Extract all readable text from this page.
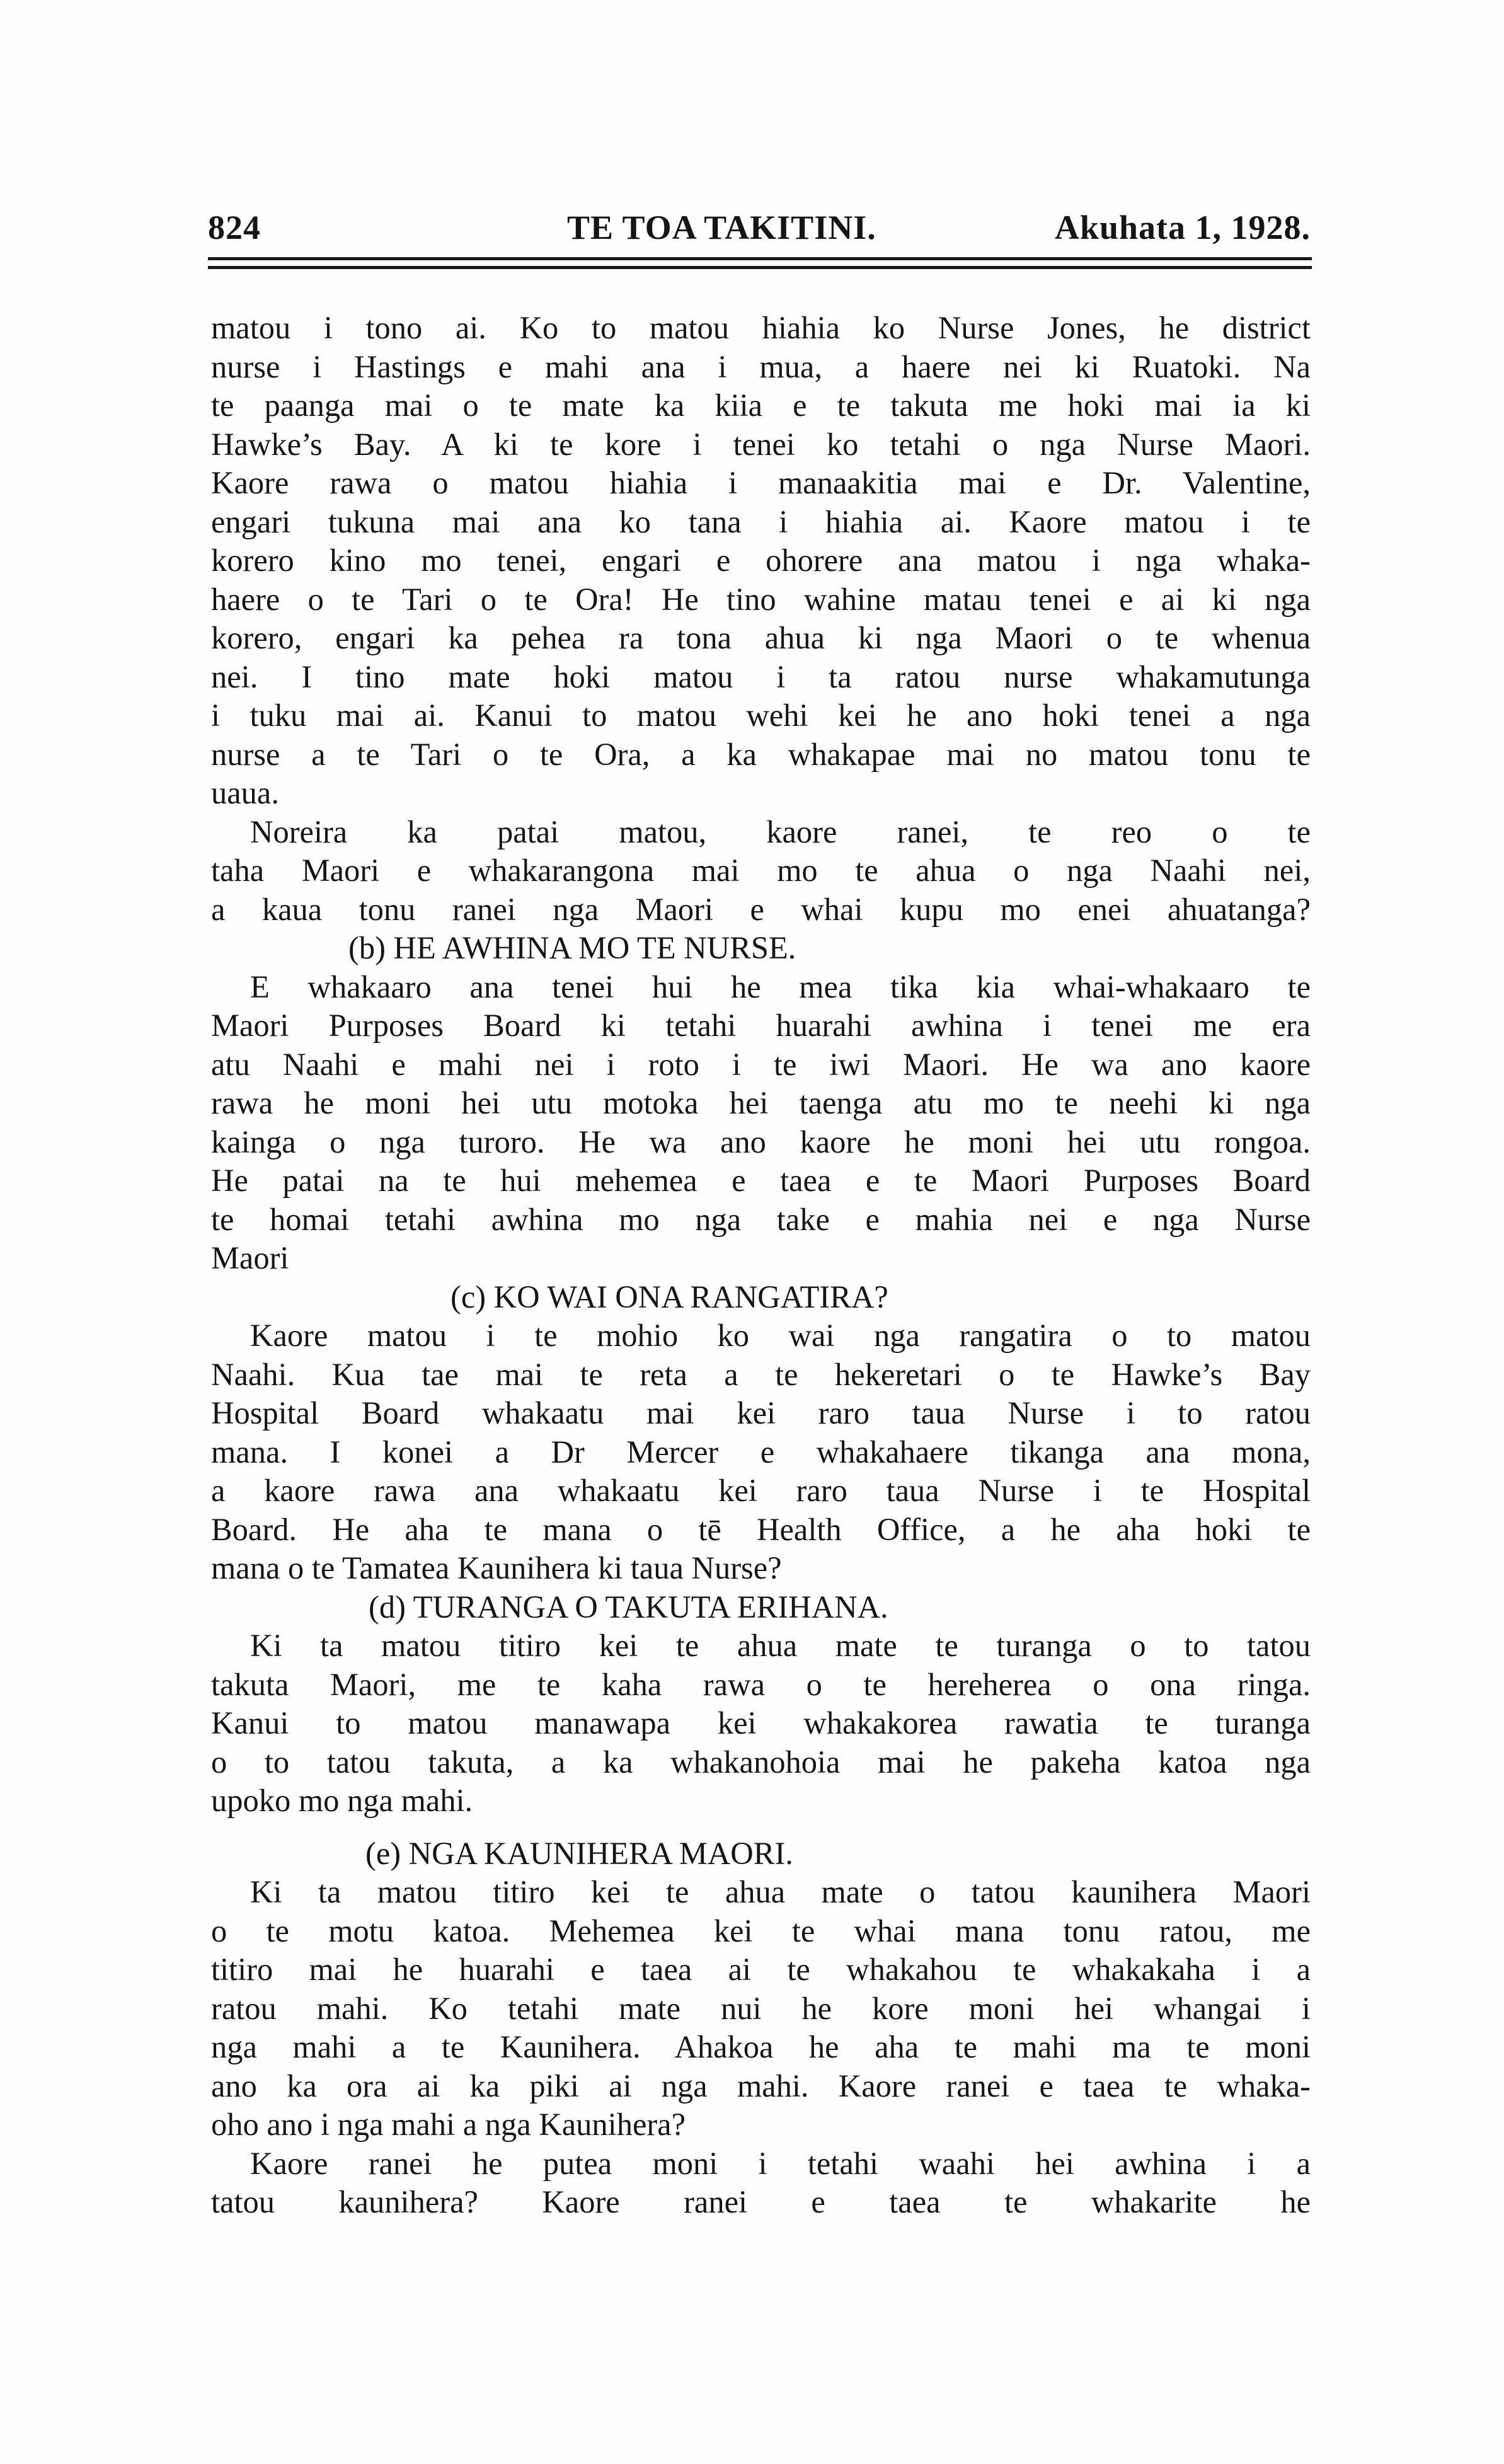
824	TE TOA TAKITINI.	Akuhata 1, 1928.
matou i tono ai. Ko to matou hiahia ko Nurse Jones, he district
nurse i Hastings e mahi ana i mua, a haere nei ki Ruatoki. Na
te paanga mai o te mate ka kiia e te takuta me hoki mai ia ki
Hawke’s Bay. A ki te kore i tenei ko tetahi o nga Nurse Maori.
Kaore rawa o matou hiahia i manaakitia mai e Dr. Valentine,
engari tukuna mai ana ko tana i hiahia ai. Kaore matou i te
korero kino mo tenei, engari e ohorere ana matou i nga whaka-
haere o te Tari o te Ora! He tino wahine matau tenei e ai ki nga
korero, engari ka pehea ra tona ahua ki nga Maori o te whenua
nei. I tino mate hoki matou i ta ratou nurse whakamutunga
i tuku mai ai. Kanui to matou wehi kei he ano hoki tenei a nga
nurse a te Tari o te Ora, a ka whakapae mai no matou tonu te
uaua.
Noreira ka patai matou, kaore ranei, te reo o te
taha Maori e whakarangona mai mo te ahua o nga Naahi nei,
a kaua tonu ranei nga Maori e whai kupu mo enei ahuatanga?
(b) HE AWHINA MO TE NURSE.
E whakaaro ana tenei hui he mea tika kia whai-whakaaro te
Maori Purposes Board ki tetahi huarahi awhina i tenei me era
atu Naahi e mahi nei i roto i te iwi Maori. He wa ano kaore
rawa he moni hei utu motoka hei taenga atu mo te neehi ki nga
kainga o nga turoro. He wa ano kaore he moni hei utu rongoa.
He patai na te hui mehemea e taea e te Maori Purposes Board
te homai tetahi awhina mo nga take e mahia nei e nga Nurse
Maori
(c) KO WAI ONA RANGATIRA?
Kaore matou i te mohio ko wai nga rangatira o to matou
Naahi. Kua tae mai te reta a te hekeretari o te Hawke’s Bay
Hospital Board whakaatu mai kei raro taua Nurse i to ratou
mana. I konei a Dr Mercer e whakahaere tikanga ana mona,
a kaore rawa ana whakaatu kei raro taua Nurse i te Hospital
Board. He aha te mana o tē Health Office, a he aha hoki te
mana o te Tamatea Kaunihera ki taua Nurse?
(d) TURANGA O TAKUTA ERIHANA.
Ki ta matou titiro kei te ahua mate te turanga o to tatou
takuta Maori, me te kaha rawa o te hereherea o ona ringa.
Kanui to matou manawapa kei whakakorea rawatia te turanga
o to tatou takuta, a ka whakanohoia mai he pakeha katoa nga
upoko mo nga mahi.
(e) NGA KAUNIHERA MAORI.
Ki ta matou titiro kei te ahua mate o tatou kaunihera Maori
o te motu katoa. Mehemea kei te whai mana tonu ratou, me
titiro mai he huarahi e taea ai te whakahou te whakakaha i a
ratou mahi. Ko tetahi mate nui he kore moni hei whangai i
nga mahi a te Kaunihera. Ahakoa he aha te mahi ma te moni
ano ka ora ai ka piki ai nga mahi. Kaore ranei e taea te whaka-
oho ano i nga mahi a nga Kaunihera?
Kaore ranei he putea moni i tetahi waahi hei awhina i a
tatou kaunihera? Kaore ranei e taea te whakarite he
